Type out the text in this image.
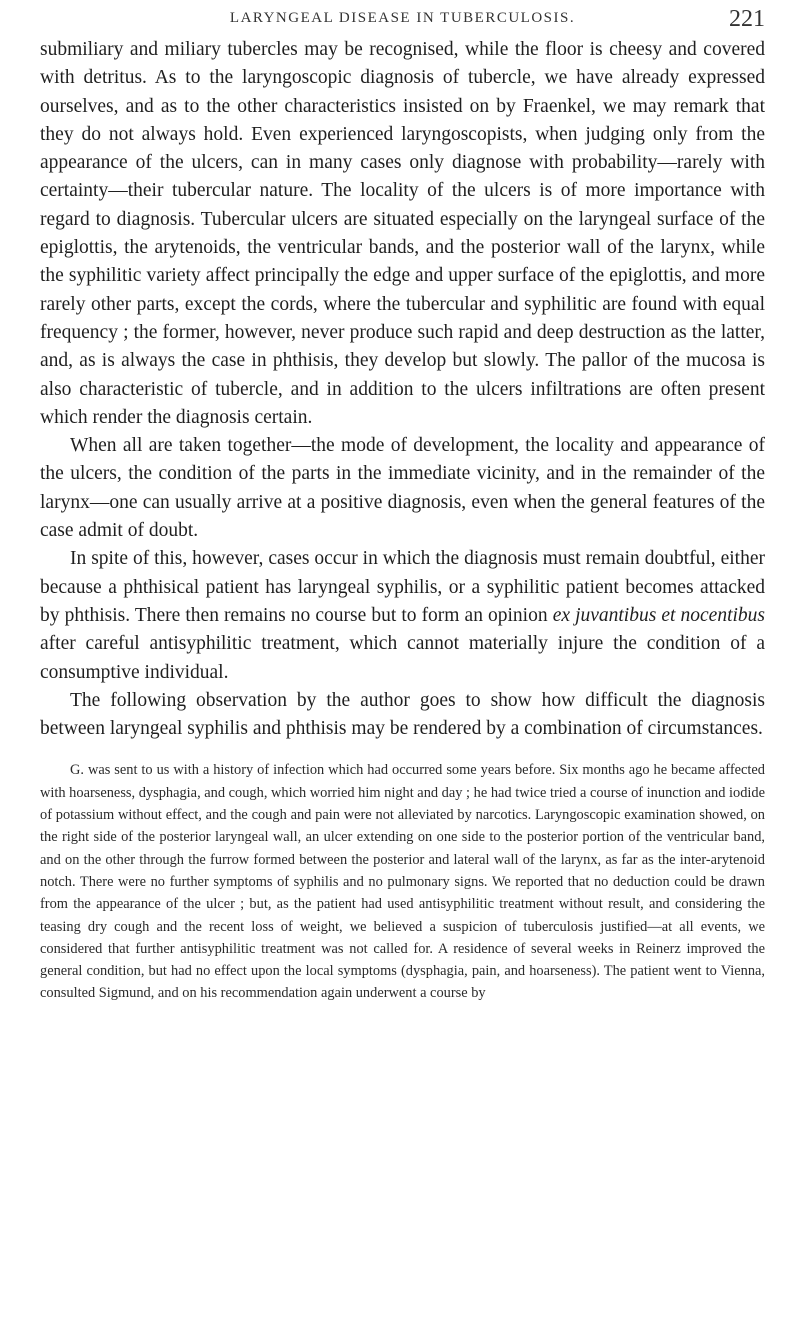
LARYNGEAL DISEASE IN TUBERCULOSIS.	221

submiliary and miliary tubercles may be recognised, while the floor is cheesy and covered with detritus. As to the laryngoscopic diagnosis of tubercle, we have already expressed ourselves, and as to the other characteristics insisted on by Fraenkel, we may remark that they do not always hold. Even experienced laryngoscopists, when judging only from the appearance of the ulcers, can in many cases only diagnose with probability—rarely with certainty—their tubercular nature. The locality of the ulcers is of more importance with regard to diagnosis. Tubercular ulcers are situated especially on the laryngeal surface of the epiglottis, the arytenoids, the ventricular bands, and the posterior wall of the larynx, while the syphilitic variety affect principally the edge and upper surface of the epiglottis, and more rarely other parts, except the cords, where the tubercular and syphilitic are found with equal frequency ; the former, however, never produce such rapid and deep destruction as the latter, and, as is always the case in phthisis, they develop but slowly. The pallor of the mucosa is also characteristic of tubercle, and in addition to the ulcers infiltrations are often present which render the diagnosis certain.

When all are taken together—the mode of development, the locality and appearance of the ulcers, the condition of the parts in the immediate vicinity, and in the remainder of the larynx—one can usually arrive at a positive diagnosis, even when the general features of the case admit of doubt.

In spite of this, however, cases occur in which the diagnosis must remain doubtful, either because a phthisical patient has laryngeal syphilis, or a syphilitic patient becomes attacked by phthisis. There then remains no course but to form an opinion ex juvantibus et nocentibus after careful antisyphilitic treatment, which cannot materially injure the condition of a consumptive individual.

The following observation by the author goes to show how difficult the diagnosis between laryngeal syphilis and phthisis may be rendered by a combination of circumstances.

G. was sent to us with a history of infection which had occurred some years before. Six months ago he became affected with hoarseness, dysphagia, and cough, which worried him night and day ; he had twice tried a course of inunction and iodide of potassium without effect, and the cough and pain were not alleviated by narcotics. Laryngoscopic examination showed, on the right side of the posterior laryngeal wall, an ulcer extending on one side to the posterior portion of the ventricular band, and on the other through the furrow formed between the posterior and lateral wall of the larynx, as far as the inter-arytenoid notch. There were no further symptoms of syphilis and no pulmonary signs. We reported that no deduction could be drawn from the appearance of the ulcer ; but, as the patient had used antisyphilitic treatment without result, and considering the teasing dry cough and the recent loss of weight, we believed a suspicion of tuberculosis justified—at all events, we considered that further antisyphilitic treatment was not called for. A residence of several weeks in Reinerz improved the general condition, but had no effect upon the local symptoms (dysphagia, pain, and hoarseness). The patient went to Vienna, consulted Sigmund, and on his recommendation again underwent a course by
